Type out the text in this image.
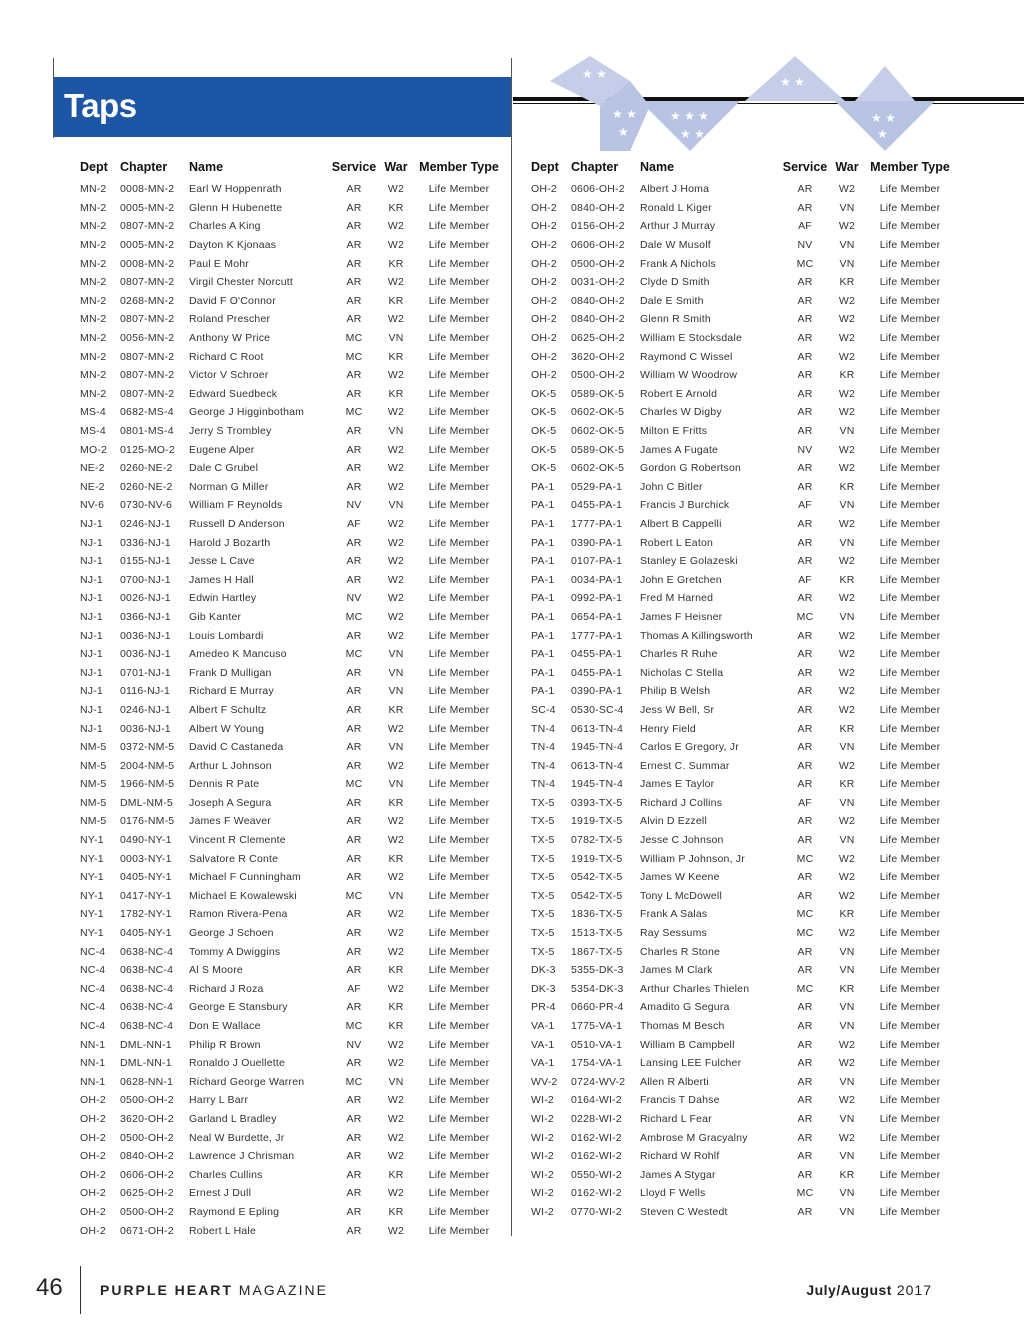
Taps
★ ★
★ ★
★
★ ★ ★
★ ★
★ ★
★ ★
★
Dept	Chapter	Name	Service	War	Member Type
MN-2	0008-MN-2	Earl W Hoppenrath	AR	W2	Life Member
MN-2	0005-MN-2	Glenn H Hubenette	AR	KR	Life Member
MN-2	0807-MN-2	Charles A King	AR	W2	Life Member
MN-2	0005-MN-2	Dayton K Kjonaas	AR	W2	Life Member
MN-2	0008-MN-2	Paul E Mohr	AR	KR	Life Member
MN-2	0807-MN-2	Virgil Chester Norcutt	AR	W2	Life Member
MN-2	0268-MN-2	David F O'Connor	AR	KR	Life Member
MN-2	0807-MN-2	Roland Prescher	AR	W2	Life Member
MN-2	0056-MN-2	Anthony W Price	MC	VN	Life Member
MN-2	0807-MN-2	Richard C Root	MC	KR	Life Member
MN-2	0807-MN-2	Victor V Schroer	AR	W2	Life Member
MN-2	0807-MN-2	Edward Suedbeck	AR	KR	Life Member
MS-4	0682-MS-4	George J Higginbotham	MC	W2	Life Member
MS-4	0801-MS-4	Jerry S Trombley	AR	VN	Life Member
MO-2	0125-MO-2	Eugene Alper	AR	W2	Life Member
NE-2	0260-NE-2	Dale C Grubel	AR	W2	Life Member
NE-2	0260-NE-2	Norman G Miller	AR	W2	Life Member
NV-6	0730-NV-6	William F Reynolds	NV	VN	Life Member
NJ-1	0246-NJ-1	Russell D Anderson	AF	W2	Life Member
NJ-1	0336-NJ-1	Harold J Bozarth	AR	W2	Life Member
NJ-1	0155-NJ-1	Jesse L Cave	AR	W2	Life Member
NJ-1	0700-NJ-1	James H Hall	AR	W2	Life Member
NJ-1	0026-NJ-1	Edwin Hartley	NV	W2	Life Member
NJ-1	0366-NJ-1	Gib Kanter	MC	W2	Life Member
NJ-1	0036-NJ-1	Louis Lombardi	AR	W2	Life Member
NJ-1	0036-NJ-1	Amedeo K Mancuso	MC	VN	Life Member
NJ-1	0701-NJ-1	Frank D Mulligan	AR	VN	Life Member
NJ-1	0116-NJ-1	Richard E Murray	AR	VN	Life Member
NJ-1	0246-NJ-1	Albert F Schultz	AR	KR	Life Member
NJ-1	0036-NJ-1	Albert W Young	AR	W2	Life Member
NM-5	0372-NM-5	David C Castaneda	AR	VN	Life Member
NM-5	2004-NM-5	Arthur L Johnson	AR	W2	Life Member
NM-5	1966-NM-5	Dennis R Pate	MC	VN	Life Member
NM-5	DML-NM-5	Joseph A Segura	AR	KR	Life Member
NM-5	0176-NM-5	James F Weaver	AR	W2	Life Member
NY-1	0490-NY-1	Vincent R Clemente	AR	W2	Life Member
NY-1	0003-NY-1	Salvatore R Conte	AR	KR	Life Member
NY-1	0405-NY-1	Michael F Cunningham	AR	W2	Life Member
NY-1	0417-NY-1	Michael E Kowalewski	MC	VN	Life Member
NY-1	1782-NY-1	Ramon Rivera-Pena	AR	W2	Life Member
NY-1	0405-NY-1	George J Schoen	AR	W2	Life Member
NC-4	0638-NC-4	Tommy A Dwiggins	AR	W2	Life Member
NC-4	0638-NC-4	Al S Moore	AR	KR	Life Member
NC-4	0638-NC-4	Richard J Roza	AF	W2	Life Member
NC-4	0638-NC-4	George E Stansbury	AR	KR	Life Member
NC-4	0638-NC-4	Don E Wallace	MC	KR	Life Member
NN-1	DML-NN-1	Philip R Brown	NV	W2	Life Member
NN-1	DML-NN-1	Ronaldo J Ouellette	AR	W2	Life Member
NN-1	0628-NN-1	Richard George Warren	MC	VN	Life Member
OH-2	0500-OH-2	Harry L Barr	AR	W2	Life Member
OH-2	3620-OH-2	Garland L Bradley	AR	W2	Life Member
OH-2	0500-OH-2	Neal W Burdette, Jr	AR	W2	Life Member
OH-2	0840-OH-2	Lawrence J Chrisman	AR	W2	Life Member
OH-2	0606-OH-2	Charles Cullins	AR	KR	Life Member
OH-2	0625-OH-2	Ernest J Dull	AR	W2	Life Member
OH-2	0500-OH-2	Raymond E Epling	AR	KR	Life Member
OH-2	0671-OH-2	Robert L Hale	AR	W2	Life Member
Dept	Chapter	Name	Service	War	Member Type
OH-2	0606-OH-2	Albert J Homa	AR	W2	Life Member
OH-2	0840-OH-2	Ronald L Kiger	AR	VN	Life Member
OH-2	0156-OH-2	Arthur J Murray	AF	W2	Life Member
OH-2	0606-OH-2	Dale W Musolf	NV	VN	Life Member
OH-2	0500-OH-2	Frank A Nichols	MC	VN	Life Member
OH-2	0031-OH-2	Clyde D Smith	AR	KR	Life Member
OH-2	0840-OH-2	Dale E Smith	AR	W2	Life Member
OH-2	0840-OH-2	Glenn R Smith	AR	W2	Life Member
OH-2	0625-OH-2	William E Stocksdale	AR	W2	Life Member
OH-2	3620-OH-2	Raymond C Wissel	AR	W2	Life Member
OH-2	0500-OH-2	William W Woodrow	AR	KR	Life Member
OK-5	0589-OK-5	Robert E Arnold	AR	W2	Life Member
OK-5	0602-OK-5	Charles W Digby	AR	W2	Life Member
OK-5	0602-OK-5	Milton E Fritts	AR	VN	Life Member
OK-5	0589-OK-5	James A Fugate	NV	W2	Life Member
OK-5	0602-OK-5	Gordon G Robertson	AR	W2	Life Member
PA-1	0529-PA-1	John C Bitler	AR	KR	Life Member
PA-1	0455-PA-1	Francis J Burchick	AF	VN	Life Member
PA-1	1777-PA-1	Albert B Cappelli	AR	W2	Life Member
PA-1	0390-PA-1	Robert L Eaton	AR	VN	Life Member
PA-1	0107-PA-1	Stanley E Golazeski	AR	W2	Life Member
PA-1	0034-PA-1	John E Gretchen	AF	KR	Life Member
PA-1	0992-PA-1	Fred M Harned	AR	W2	Life Member
PA-1	0654-PA-1	James F Heisner	MC	VN	Life Member
PA-1	1777-PA-1	Thomas A Killingsworth	AR	W2	Life Member
PA-1	0455-PA-1	Charles R Ruhe	AR	W2	Life Member
PA-1	0455-PA-1	Nicholas C Stella	AR	W2	Life Member
PA-1	0390-PA-1	Philip B Welsh	AR	W2	Life Member
SC-4	0530-SC-4	Jess W Bell, Sr	AR	W2	Life Member
TN-4	0613-TN-4	Henry Field	AR	KR	Life Member
TN-4	1945-TN-4	Carlos E Gregory, Jr	AR	VN	Life Member
TN-4	0613-TN-4	Ernest C. Summar	AR	W2	Life Member
TN-4	1945-TN-4	James E Taylor	AR	KR	Life Member
TX-5	0393-TX-5	Richard J Collins	AF	VN	Life Member
TX-5	1919-TX-5	Alvin D Ezzell	AR	W2	Life Member
TX-5	0782-TX-5	Jesse C Johnson	AR	VN	Life Member
TX-5	1919-TX-5	William P Johnson, Jr	MC	W2	Life Member
TX-5	0542-TX-5	James W Keene	AR	W2	Life Member
TX-5	0542-TX-5	Tony L McDowell	AR	W2	Life Member
TX-5	1836-TX-5	Frank A Salas	MC	KR	Life Member
TX-5	1513-TX-5	Ray Sessums	MC	W2	Life Member
TX-5	1867-TX-5	Charles R Stone	AR	VN	Life Member
DK-3	5355-DK-3	James M Clark	AR	VN	Life Member
DK-3	5354-DK-3	Arthur Charles Thielen	MC	KR	Life Member
PR-4	0660-PR-4	Amadito G Segura	AR	VN	Life Member
VA-1	1775-VA-1	Thomas M Besch	AR	VN	Life Member
VA-1	0510-VA-1	William B Campbell	AR	W2	Life Member
VA-1	1754-VA-1	Lansing LEE Fulcher	AR	W2	Life Member
WV-2	0724-WV-2	Allen R Alberti	AR	VN	Life Member
WI-2	0164-WI-2	Francis T Dahse	AR	W2	Life Member
WI-2	0228-WI-2	Richard L Fear	AR	VN	Life Member
WI-2	0162-WI-2	Ambrose M Gracyalny	AR	W2	Life Member
WI-2	0162-WI-2	Richard W Rohlf	AR	VN	Life Member
WI-2	0550-WI-2	James A Stygar	AR	KR	Life Member
WI-2	0162-WI-2	Lloyd F Wells	MC	VN	Life Member
WI-2	0770-WI-2	Steven C Westedt	AR	VN	Life Member
46	PURPLE HEART MAGAZINE	July/August 2017
